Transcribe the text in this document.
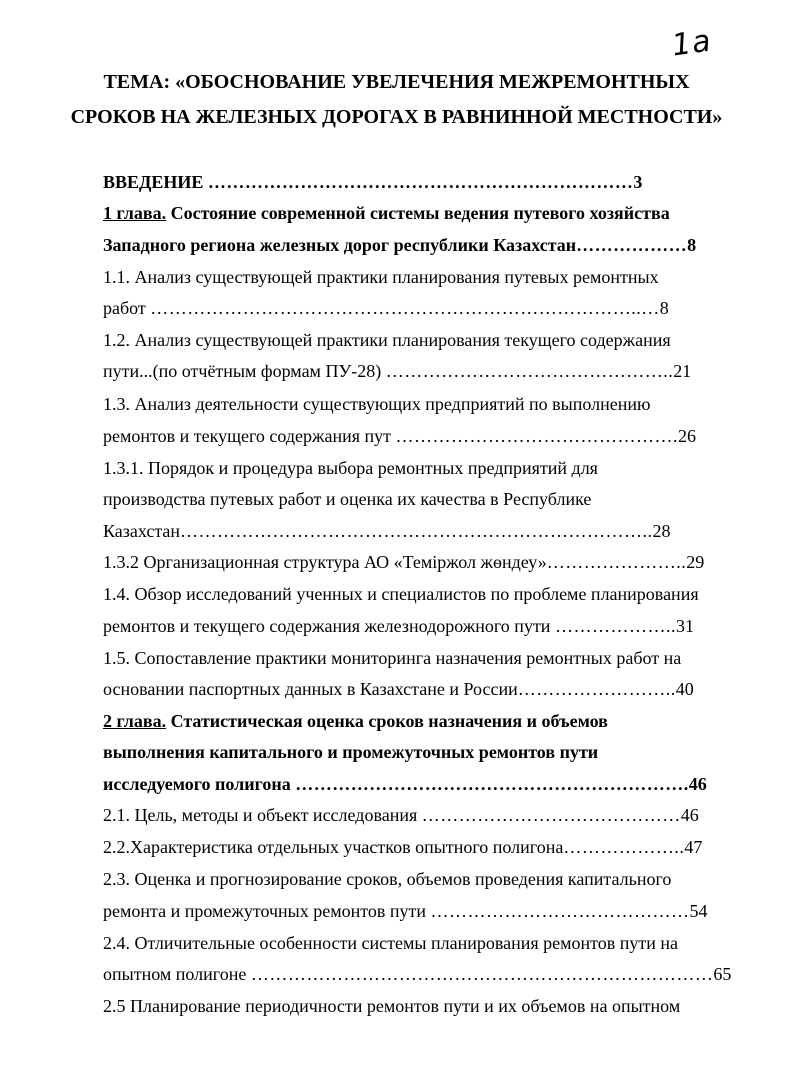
1a
ТЕМА: «ОБОСНОВАНИЕ УВЕЛЕЧЕНИЯ МЕЖРЕМОНТНЫХ
СРОКОВ НА ЖЕЛЕЗНЫХ ДОРОГАХ В РАВНИННОЙ МЕСТНОСТИ»
ВВЕДЕНИЕ ……………………………………………………………3
1 глава. Состояние современной системы ведения путевого хозяйства
Западного региона железных дорог республики Казахстан………………8
1.1. Анализ существующей практики планирования путевых ремонтных
работ ……………………………………………………………………..…8
1.2. Анализ существующей практики планирования текущего содержания
пути...(по отчётным формам ПУ-28) ………………………………………..21
1.3. Анализ деятельности существующих предприятий по выполнению
ремонтов и текущего содержания пут ……………………………………….26
1.3.1. Порядок и процедура выбора ремонтных предприятий для
производства путевых работ и оценка их качества в Республике
Казахстан…………………………………………………………………..28
1.3.2 Организационная структура АО «Теміржол жөндеу»…………………..29
1.4. Обзор исследований ученных и специалистов по проблеме планирования
ремонтов и текущего содержания железнодорожного пути ………………..31
1.5. Сопоставление практики мониторинга назначения ремонтных работ на
основании паспортных данных в Казахстане и России……………………..40
2 глава. Статистическая оценка сроков назначения и объемов
выполнения капитального и промежуточных ремонтов пути
исследуемого полигона ……………………………………………………….46
2.1. Цель, методы и объект исследования ……………………………………46
2.2.Характеристика отдельных участков опытного полигона………………..47
2.3. Оценка и прогнозирование сроков, объемов проведения капитального
ремонта и промежуточных ремонтов пути ……………………………………54
2.4. Отличительные особенности системы планирования ремонтов пути на
опытном полигоне …………………………………………………………………65
2.5 Планирование периодичности ремонтов пути и их объемов на опытном
